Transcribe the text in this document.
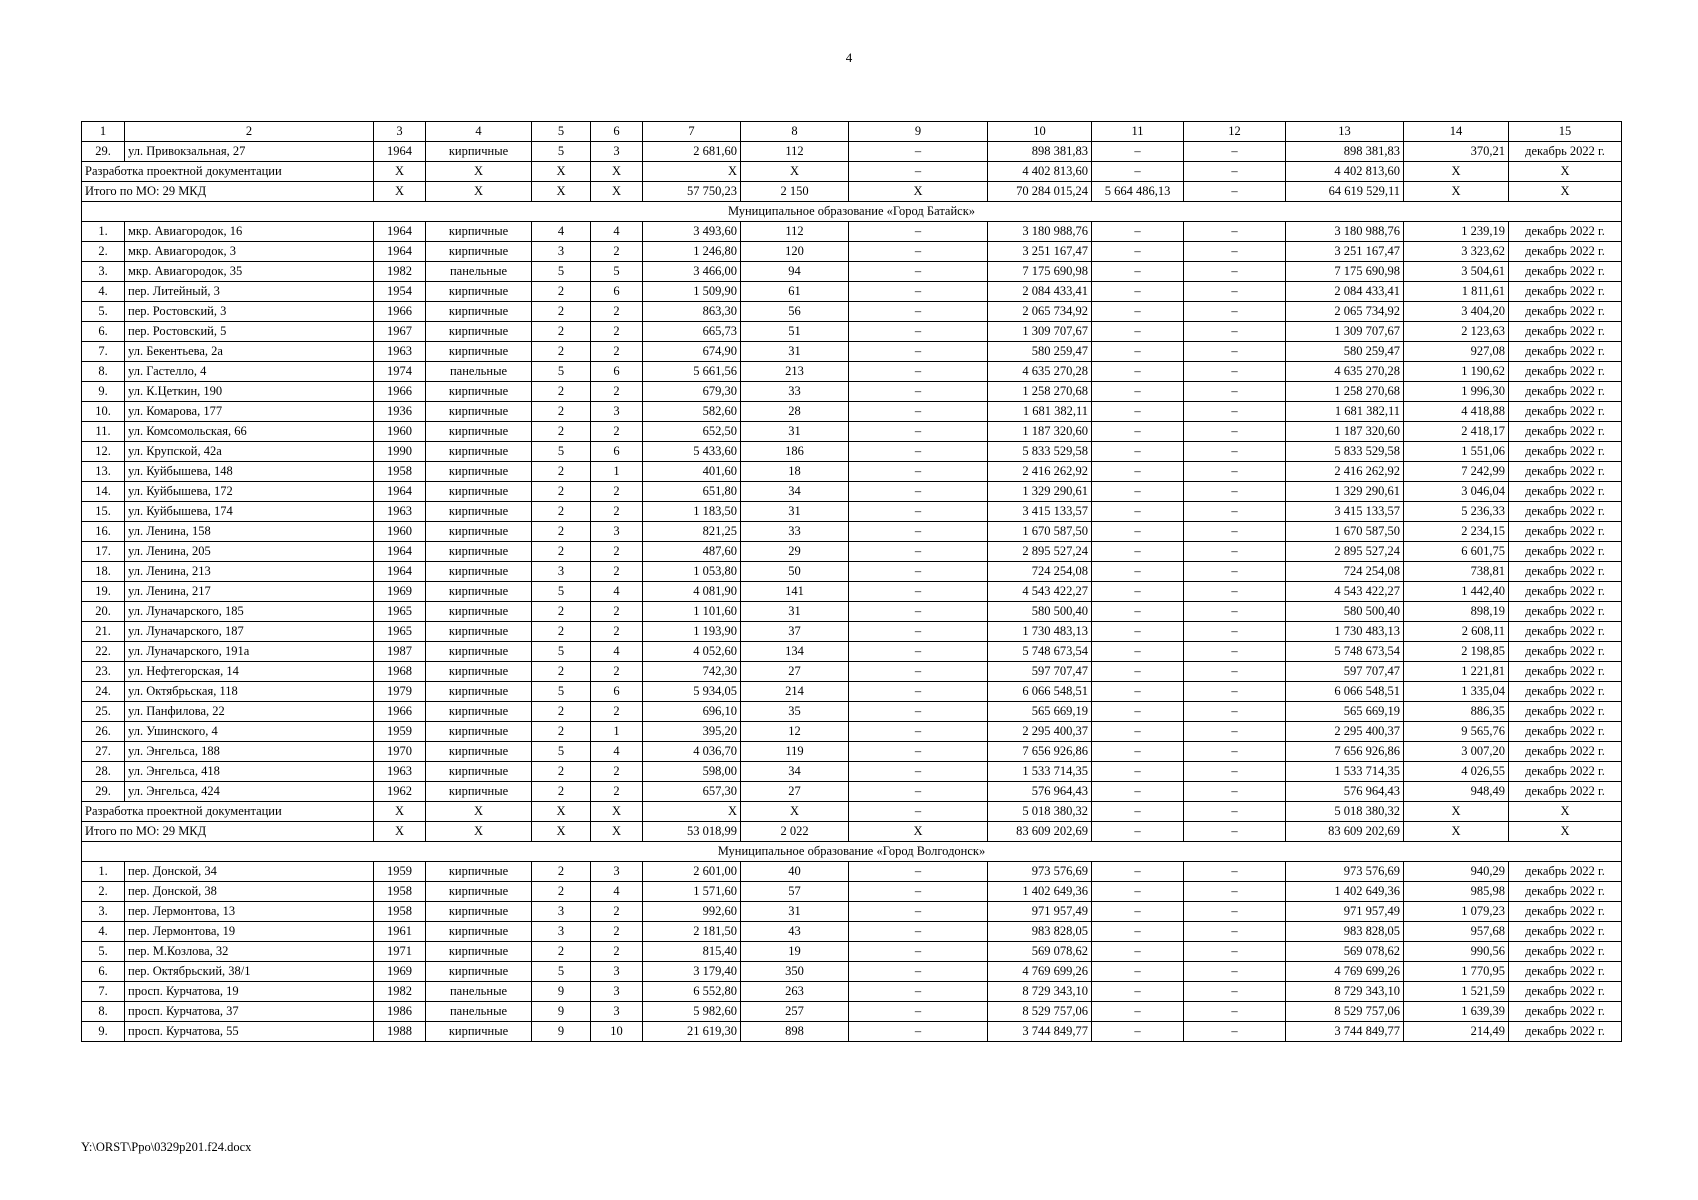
4
1	2	3	4	5	6	7	8	9	10	11	12	13	14	15
29.	ул. Привокзальная, 27	1964	кирпичные	5	3	2 681,60	112	–	898 381,83	–	–	898 381,83	370,21	декабрь 2022 г.
Разработка проектной документации		X	X	X	X	X	X	–	4 402 813,60	–	–	4 402 813,60	X	X
Итого по МО: 29 МКД		X	X	X	X	57 750,23	2 150	X	70 284 015,24	5 664 486,13	–	64 619 529,11	X	X
Муниципальное образование «Город Батайск»														
1.	мкр. Авиагородок, 16	1964	кирпичные	4	4	3 493,60	112	–	3 180 988,76	–	–	3 180 988,76	1 239,19	декабрь 2022 г.
2.	мкр. Авиагородок, 3	1964	кирпичные	3	2	1 246,80	120	–	3 251 167,47	–	–	3 251 167,47	3 323,62	декабрь 2022 г.
3.	мкр. Авиагородок, 35	1982	панельные	5	5	3 466,00	94	–	7 175 690,98	–	–	7 175 690,98	3 504,61	декабрь 2022 г.
4.	пер. Литейный, 3	1954	кирпичные	2	6	1 509,90	61	–	2 084 433,41	–	–	2 084 433,41	1 811,61	декабрь 2022 г.
5.	пер. Ростовский, 3	1966	кирпичные	2	2	863,30	56	–	2 065 734,92	–	–	2 065 734,92	3 404,20	декабрь 2022 г.
6.	пер. Ростовский, 5	1967	кирпичные	2	2	665,73	51	–	1 309 707,67	–	–	1 309 707,67	2 123,63	декабрь 2022 г.
7.	ул. Бекентьева, 2а	1963	кирпичные	2	2	674,90	31	–	580 259,47	–	–	580 259,47	927,08	декабрь 2022 г.
8.	ул. Гастелло, 4	1974	панельные	5	6	5 661,56	213	–	4 635 270,28	–	–	4 635 270,28	1 190,62	декабрь 2022 г.
9.	ул. К.Цеткин, 190	1966	кирпичные	2	2	679,30	33	–	1 258 270,68	–	–	1 258 270,68	1 996,30	декабрь 2022 г.
10.	ул. Комарова, 177	1936	кирпичные	2	3	582,60	28	–	1 681 382,11	–	–	1 681 382,11	4 418,88	декабрь 2022 г.
11.	ул. Комсомольская, 66	1960	кирпичные	2	2	652,50	31	–	1 187 320,60	–	–	1 187 320,60	2 418,17	декабрь 2022 г.
12.	ул. Крупской, 42а	1990	кирпичные	5	6	5 433,60	186	–	5 833 529,58	–	–	5 833 529,58	1 551,06	декабрь 2022 г.
13.	ул. Куйбышева, 148	1958	кирпичные	2	1	401,60	18	–	2 416 262,92	–	–	2 416 262,92	7 242,99	декабрь 2022 г.
14.	ул. Куйбышева, 172	1964	кирпичные	2	2	651,80	34	–	1 329 290,61	–	–	1 329 290,61	3 046,04	декабрь 2022 г.
15.	ул. Куйбышева, 174	1963	кирпичные	2	2	1 183,50	31	–	3 415 133,57	–	–	3 415 133,57	5 236,33	декабрь 2022 г.
16.	ул. Ленина, 158	1960	кирпичные	2	3	821,25	33	–	1 670 587,50	–	–	1 670 587,50	2 234,15	декабрь 2022 г.
17.	ул. Ленина, 205	1964	кирпичные	2	2	487,60	29	–	2 895 527,24	–	–	2 895 527,24	6 601,75	декабрь 2022 г.
18.	ул. Ленина, 213	1964	кирпичные	3	2	1 053,80	50	–	724 254,08	–	–	724 254,08	738,81	декабрь 2022 г.
19.	ул. Ленина, 217	1969	кирпичные	5	4	4 081,90	141	–	4 543 422,27	–	–	4 543 422,27	1 442,40	декабрь 2022 г.
20.	ул. Луначарского, 185	1965	кирпичные	2	2	1 101,60	31	–	580 500,40	–	–	580 500,40	898,19	декабрь 2022 г.
21.	ул. Луначарского, 187	1965	кирпичные	2	2	1 193,90	37	–	1 730 483,13	–	–	1 730 483,13	2 608,11	декабрь 2022 г.
22.	ул. Луначарского, 191а	1987	кирпичные	5	4	4 052,60	134	–	5 748 673,54	–	–	5 748 673,54	2 198,85	декабрь 2022 г.
23.	ул. Нефтегорская, 14	1968	кирпичные	2	2	742,30	27	–	597 707,47	–	–	597 707,47	1 221,81	декабрь 2022 г.
24.	ул. Октябрьская, 118	1979	кирпичные	5	6	5 934,05	214	–	6 066 548,51	–	–	6 066 548,51	1 335,04	декабрь 2022 г.
25.	ул. Панфилова, 22	1966	кирпичные	2	2	696,10	35	–	565 669,19	–	–	565 669,19	886,35	декабрь 2022 г.
26.	ул. Ушинского, 4	1959	кирпичные	2	1	395,20	12	–	2 295 400,37	–	–	2 295 400,37	9 565,76	декабрь 2022 г.
27.	ул. Энгельса, 188	1970	кирпичные	5	4	4 036,70	119	–	7 656 926,86	–	–	7 656 926,86	3 007,20	декабрь 2022 г.
28.	ул. Энгельса, 418	1963	кирпичные	2	2	598,00	34	–	1 533 714,35	–	–	1 533 714,35	4 026,55	декабрь 2022 г.
29.	ул. Энгельса, 424	1962	кирпичные	2	2	657,30	27	–	576 964,43	–	–	576 964,43	948,49	декабрь 2022 г.
Разработка проектной документации		X	X	X	X	X	X	–	5 018 380,32	–	–	5 018 380,32	X	X
Итого по МО: 29 МКД		X	X	X	X	53 018,99	2 022	X	83 609 202,69	–	–	83 609 202,69	X	X
Муниципальное образование «Город Волгодонск»														
1.	пер. Донской, 34	1959	кирпичные	2	3	2 601,00	40	–	973 576,69	–	–	973 576,69	940,29	декабрь 2022 г.
2.	пер. Донской, 38	1958	кирпичные	2	4	1 571,60	57	–	1 402 649,36	–	–	1 402 649,36	985,98	декабрь 2022 г.
3.	пер. Лермонтова, 13	1958	кирпичные	3	2	992,60	31	–	971 957,49	–	–	971 957,49	1 079,23	декабрь 2022 г.
4.	пер. Лермонтова, 19	1961	кирпичные	3	2	2 181,50	43	–	983 828,05	–	–	983 828,05	957,68	декабрь 2022 г.
5.	пер. М.Козлова, 32	1971	кирпичные	2	2	815,40	19	–	569 078,62	–	–	569 078,62	990,56	декабрь 2022 г.
6.	пер. Октябрьский, 38/1	1969	кирпичные	5	3	3 179,40	350	–	4 769 699,26	–	–	4 769 699,26	1 770,95	декабрь 2022 г.
7.	просп. Курчатова, 19	1982	панельные	9	3	6 552,80	263	–	8 729 343,10	–	–	8 729 343,10	1 521,59	декабрь 2022 г.
8.	просп. Курчатова, 37	1986	панельные	9	3	5 982,60	257	–	8 529 757,06	–	–	8 529 757,06	1 639,39	декабрь 2022 г.
9.	просп. Курчатова, 55	1988	кирпичные	9	10	21 619,30	898	–	3 744 849,77	–	–	3 744 849,77	214,49	декабрь 2022 г.
Y:\ORST\Ppo\0329p201.f24.docx
